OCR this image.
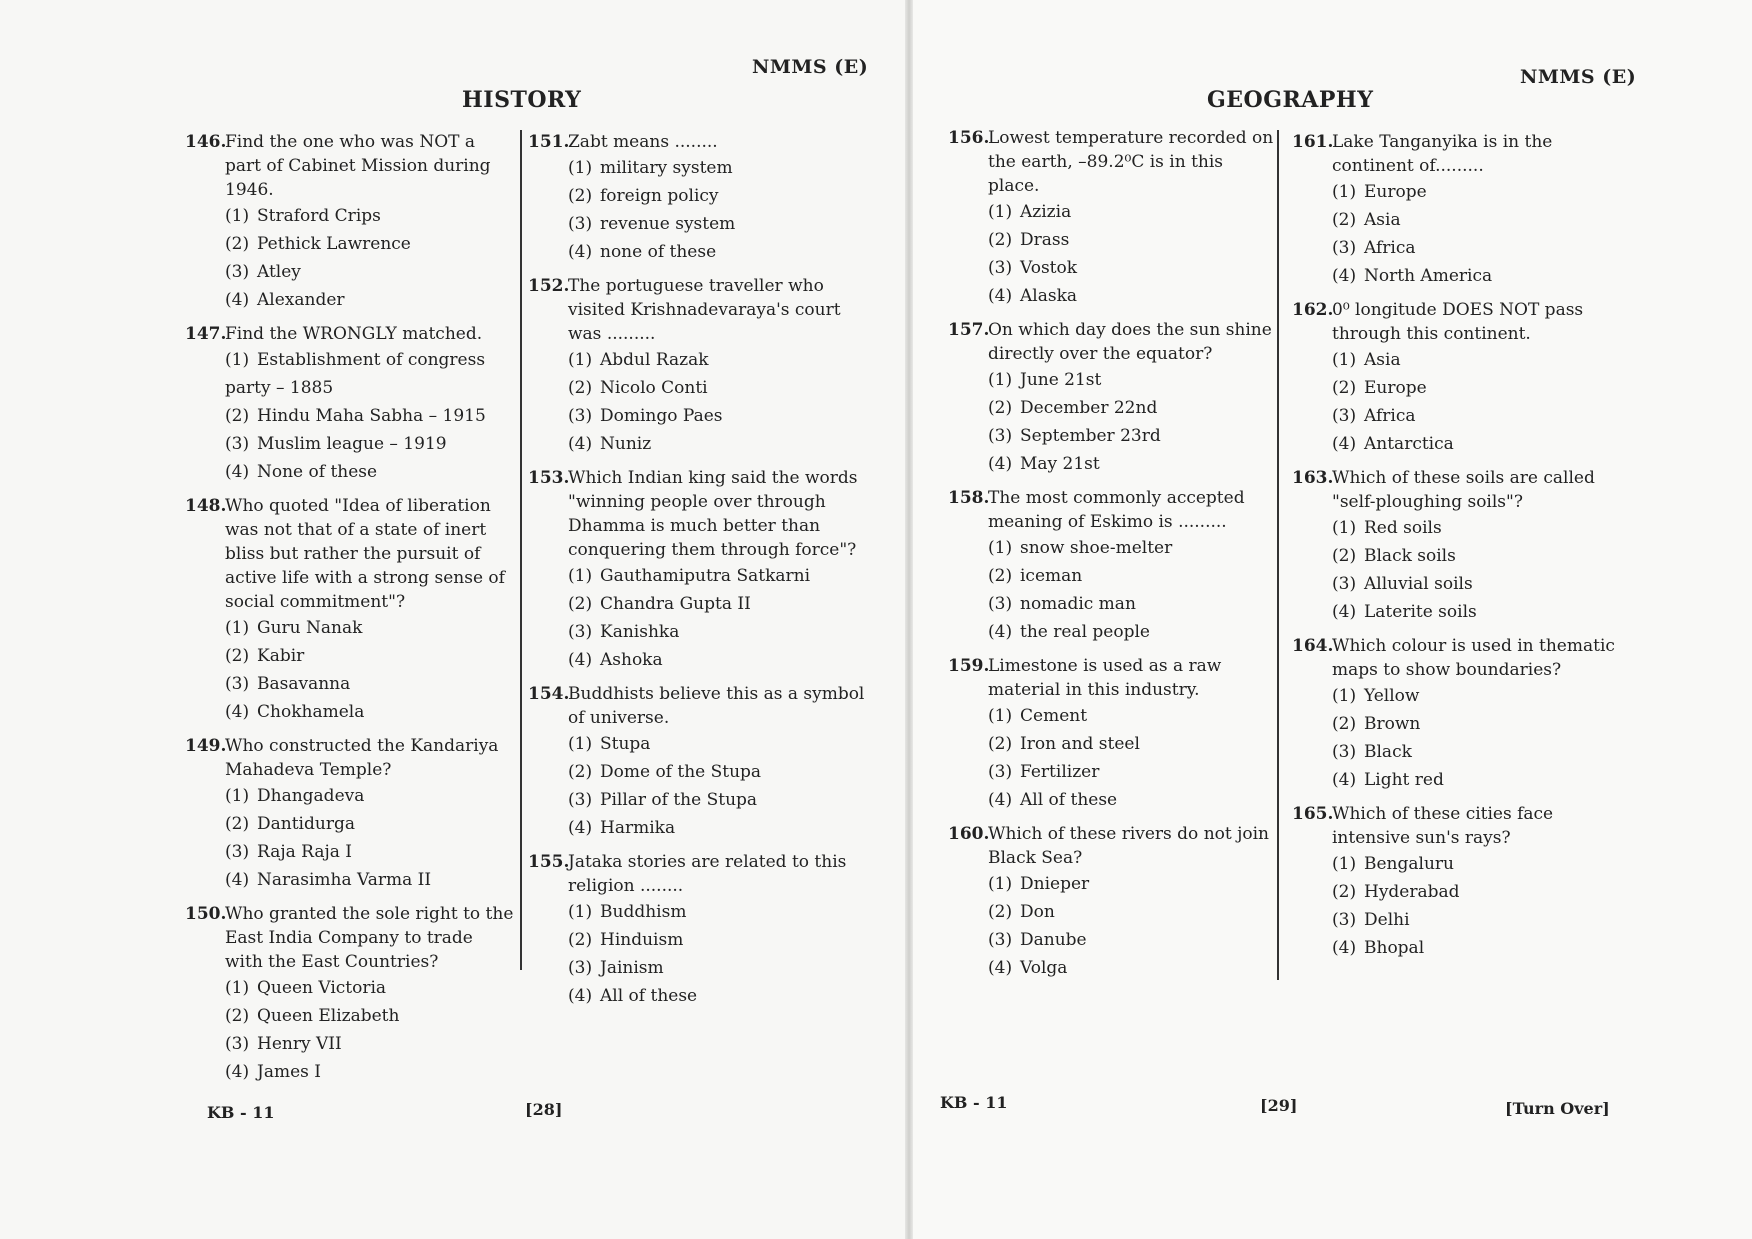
NMMS (E)
HISTORY
146.
Find the one who was NOT a part of Cabinet Mission during 1946.
(1) Straford Crips
(2) Pethick Lawrence
(3) Atley
(4) Alexander
147.
Find the WRONGLY matched.
(1) Establishment of congress party – 1885
(2) Hindu Maha Sabha – 1915
(3) Muslim league – 1919
(4) None of these
148.
Who quoted "Idea of liberation was not that of a state of inert bliss but rather the pursuit of active life with a strong sense of social commitment"?
(1) Guru Nanak
(2) Kabir
(3) Basavanna
(4) Chokhamela
149.
Who constructed the Kandariya Mahadeva Temple?
(1) Dhangadeva
(2) Dantidurga
(3) Raja Raja I
(4) Narasimha Varma II
150.
Who granted the sole right to the East India Company to trade with the East Countries?
(1) Queen Victoria
(2) Queen Elizabeth
(3) Henry VII
(4) James I
151.
Zabt means ........
(1) military system
(2) foreign policy
(3) revenue system
(4) none of these
152.
The portuguese traveller who visited Krishnadevaraya's court was .........
(1) Abdul Razak
(2) Nicolo Conti
(3) Domingo Paes
(4) Nuniz
153.
Which Indian king said the words "winning people over through Dhamma is much better than conquering them through force"?
(1) Gauthamiputra Satkarni
(2) Chandra Gupta II
(3) Kanishka
(4) Ashoka
154.
Buddhists believe this as a symbol of universe.
(1) Stupa
(2) Dome of the Stupa
(3) Pillar of the Stupa
(4) Harmika
155.
Jataka stories are related to this religion ........
(1) Buddhism
(2) Hinduism
(3) Jainism
(4) All of these
KB - 11	[28]
NMMS (E)
GEOGRAPHY
156.
Lowest temperature recorded on the earth, –89.2⁰C is in this place.
(1) Azizia
(2) Drass
(3) Vostok
(4) Alaska
157.
On which day does the sun shine directly over the equator?
(1) June 21st
(2) December 22nd
(3) September 23rd
(4) May 21st
158.
The most commonly accepted meaning of Eskimo is .........
(1) snow shoe-melter
(2) iceman
(3) nomadic man
(4) the real people
159.
Limestone is used as a raw material in this industry.
(1) Cement
(2) Iron and steel
(3) Fertilizer
(4) All of these
160.
Which of these rivers do not join Black Sea?
(1) Dnieper
(2) Don
(3) Danube
(4) Volga
161.
Lake Tanganyika is in the continent of.........
(1) Europe
(2) Asia
(3) Africa
(4) North America
162.
0⁰ longitude DOES NOT pass through this continent.
(1) Asia
(2) Europe
(3) Africa
(4) Antarctica
163.
Which of these soils are called "self-ploughing soils"?
(1) Red soils
(2) Black soils
(3) Alluvial soils
(4) Laterite soils
164.
Which colour is used in thematic maps to show boundaries?
(1) Yellow
(2) Brown
(3) Black
(4) Light red
165.
Which of these cities face intensive sun's rays?
(1) Bengaluru
(2) Hyderabad
(3) Delhi
(4) Bhopal
KB - 11	[29]	[Turn Over]
